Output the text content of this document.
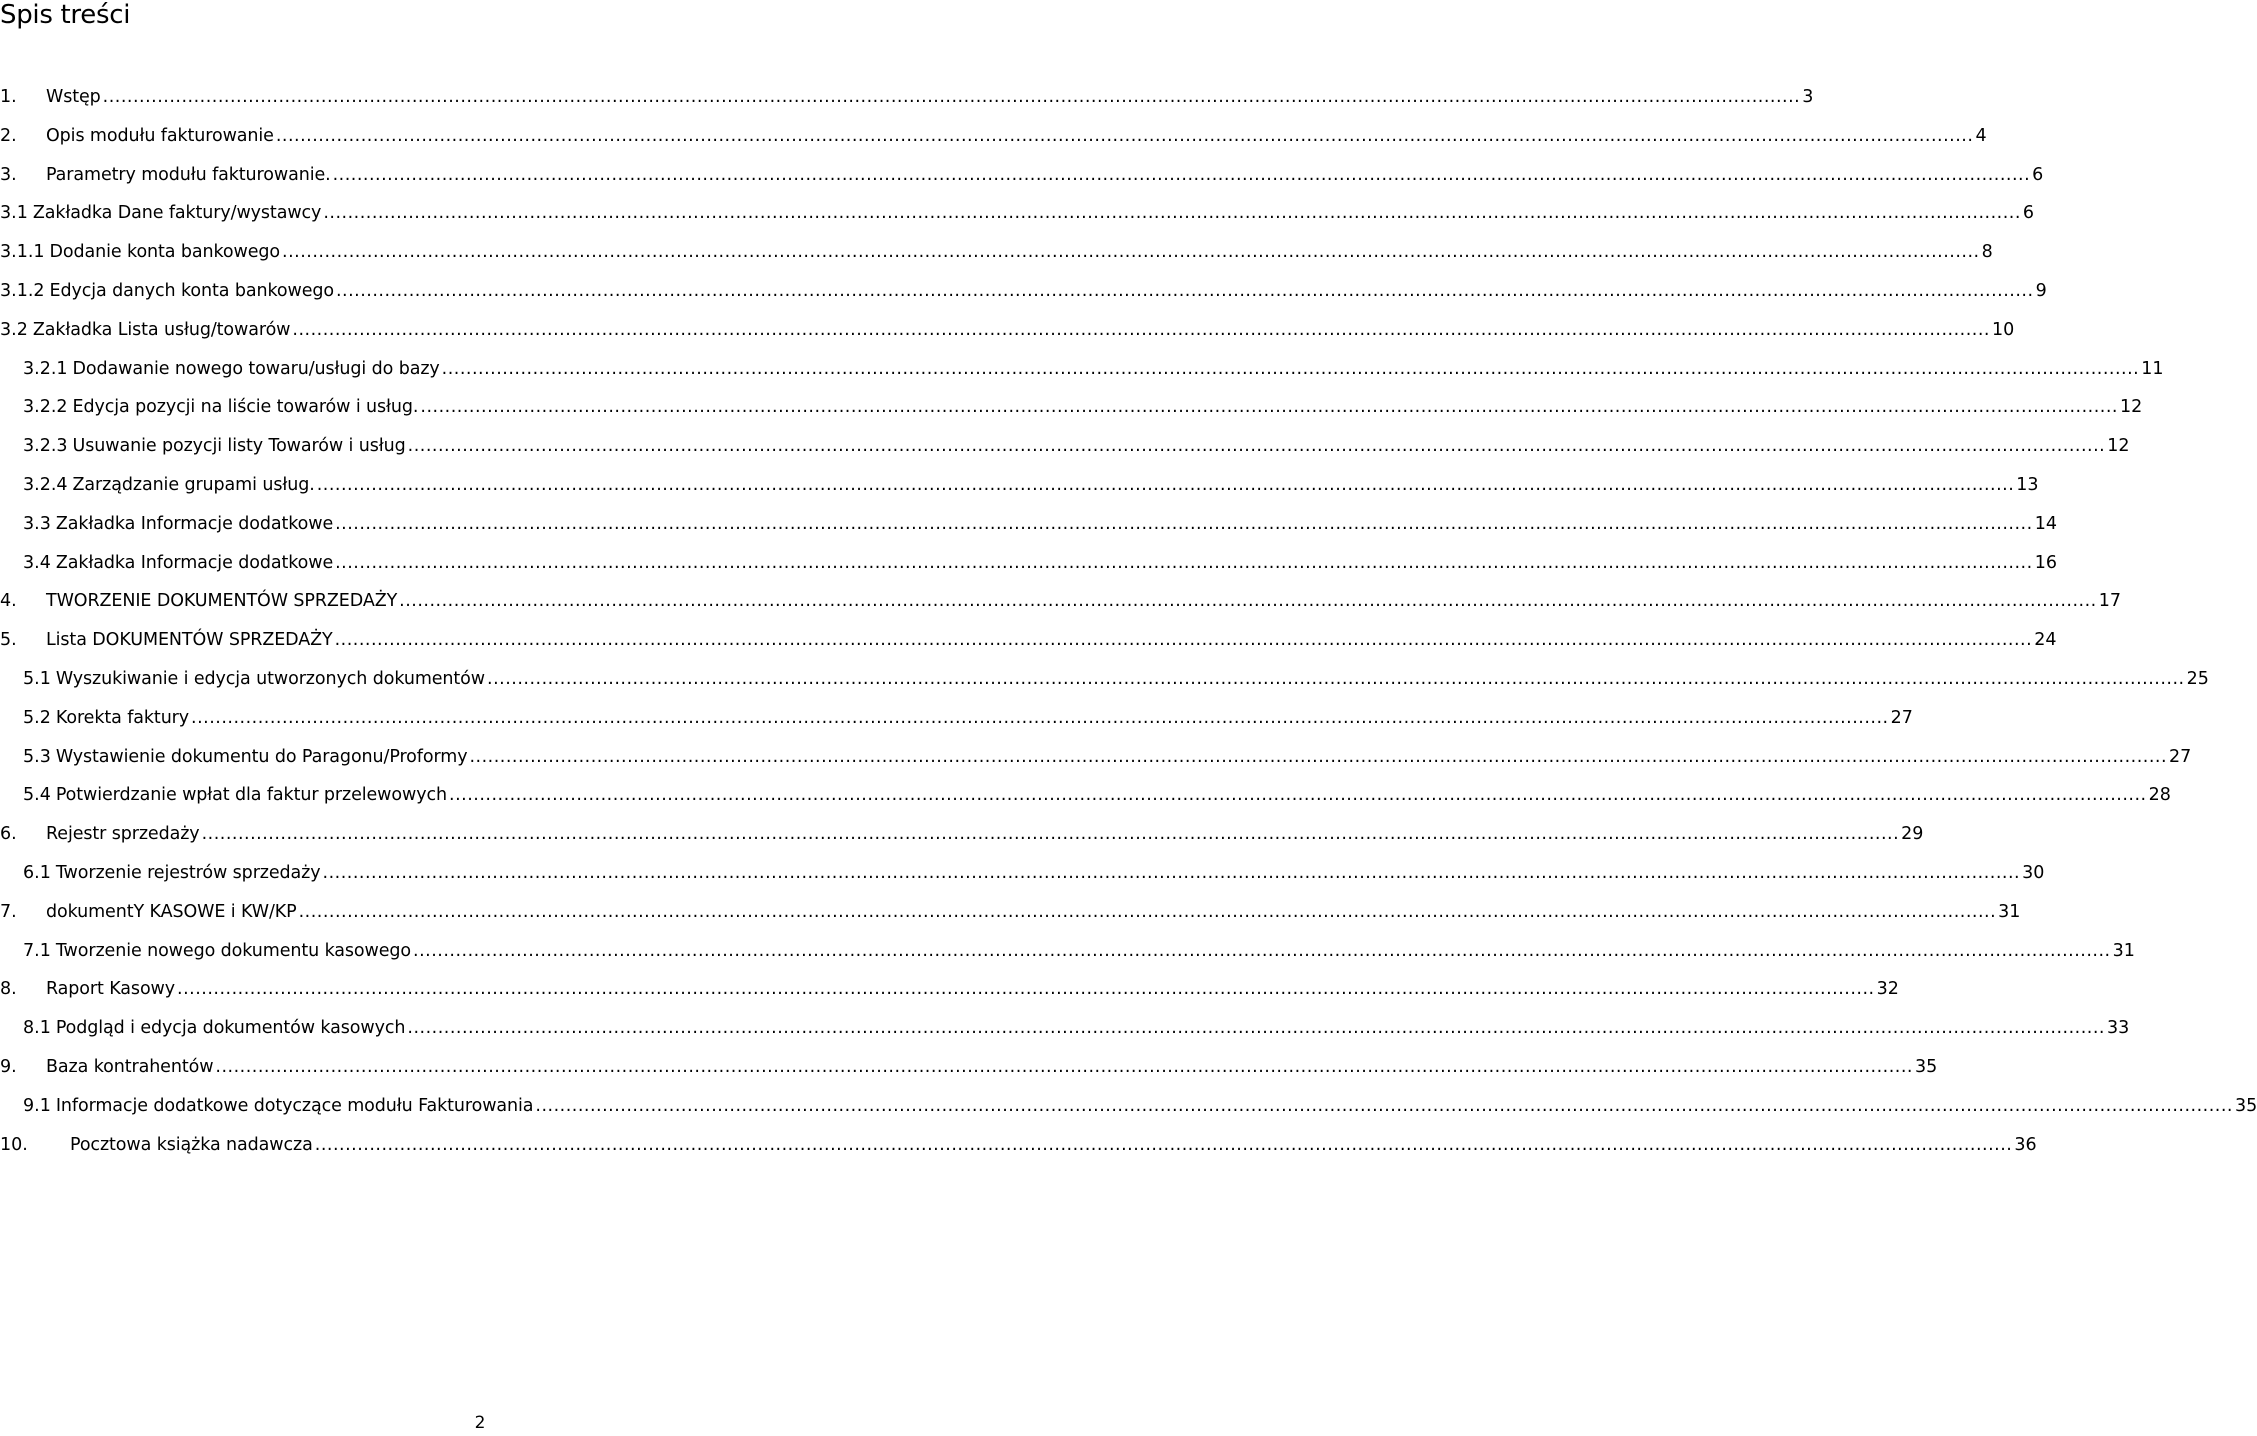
Spis treści
1.	Wstęp .....	3
2.	Opis modułu fakturowanie .....	4
3.	Parametry modułu fakturowanie. .....	6
3.1 Zakładka Dane faktury/wystawcy .....	6
3.1.1 Dodanie konta bankowego .....	8
3.1.2 Edycja danych konta bankowego .....	9
3.2 Zakładka Lista usług/towarów .....	10
3.2.1 Dodawanie nowego towaru/usługi do bazy .....	11
3.2.2 Edycja pozycji na liście towarów i usług. .....	12
3.2.3 Usuwanie pozycji listy Towarów i usług .....	12
3.2.4 Zarządzanie grupami usług. .....	13
3.3 Zakładka Informacje dodatkowe .....	14
3.4 Zakładka Informacje dodatkowe .....	16
4.	TWORZENIE DOKUMENTÓW SPRZEDAŻY .....	17
5.	Lista DOKUMENTÓW SPRZEDAŻY .....	24
5.1 Wyszukiwanie i edycja utworzonych dokumentów .....	25
5.2 Korekta faktury .....	27
5.3 Wystawienie dokumentu do Paragonu/Proformy .....	27
5.4 Potwierdzanie wpłat dla faktur przelewowych .....	28
6.	Rejestr sprzedaży .....	29
6.1 Tworzenie rejestrów sprzedaży .....	30
7.	dokumentY KASOWE i KW/KP .....	31
7.1 Tworzenie nowego dokumentu kasowego .....	31
8.	Raport Kasowy .....	32
8.1 Podgląd i edycja dokumentów kasowych .....	33
9.	Baza kontrahentów .....	35
9.1 Informacje dodatkowe dotyczące modułu Fakturowania .....	35
10.	Pocztowa książka nadawcza .....	36
2
